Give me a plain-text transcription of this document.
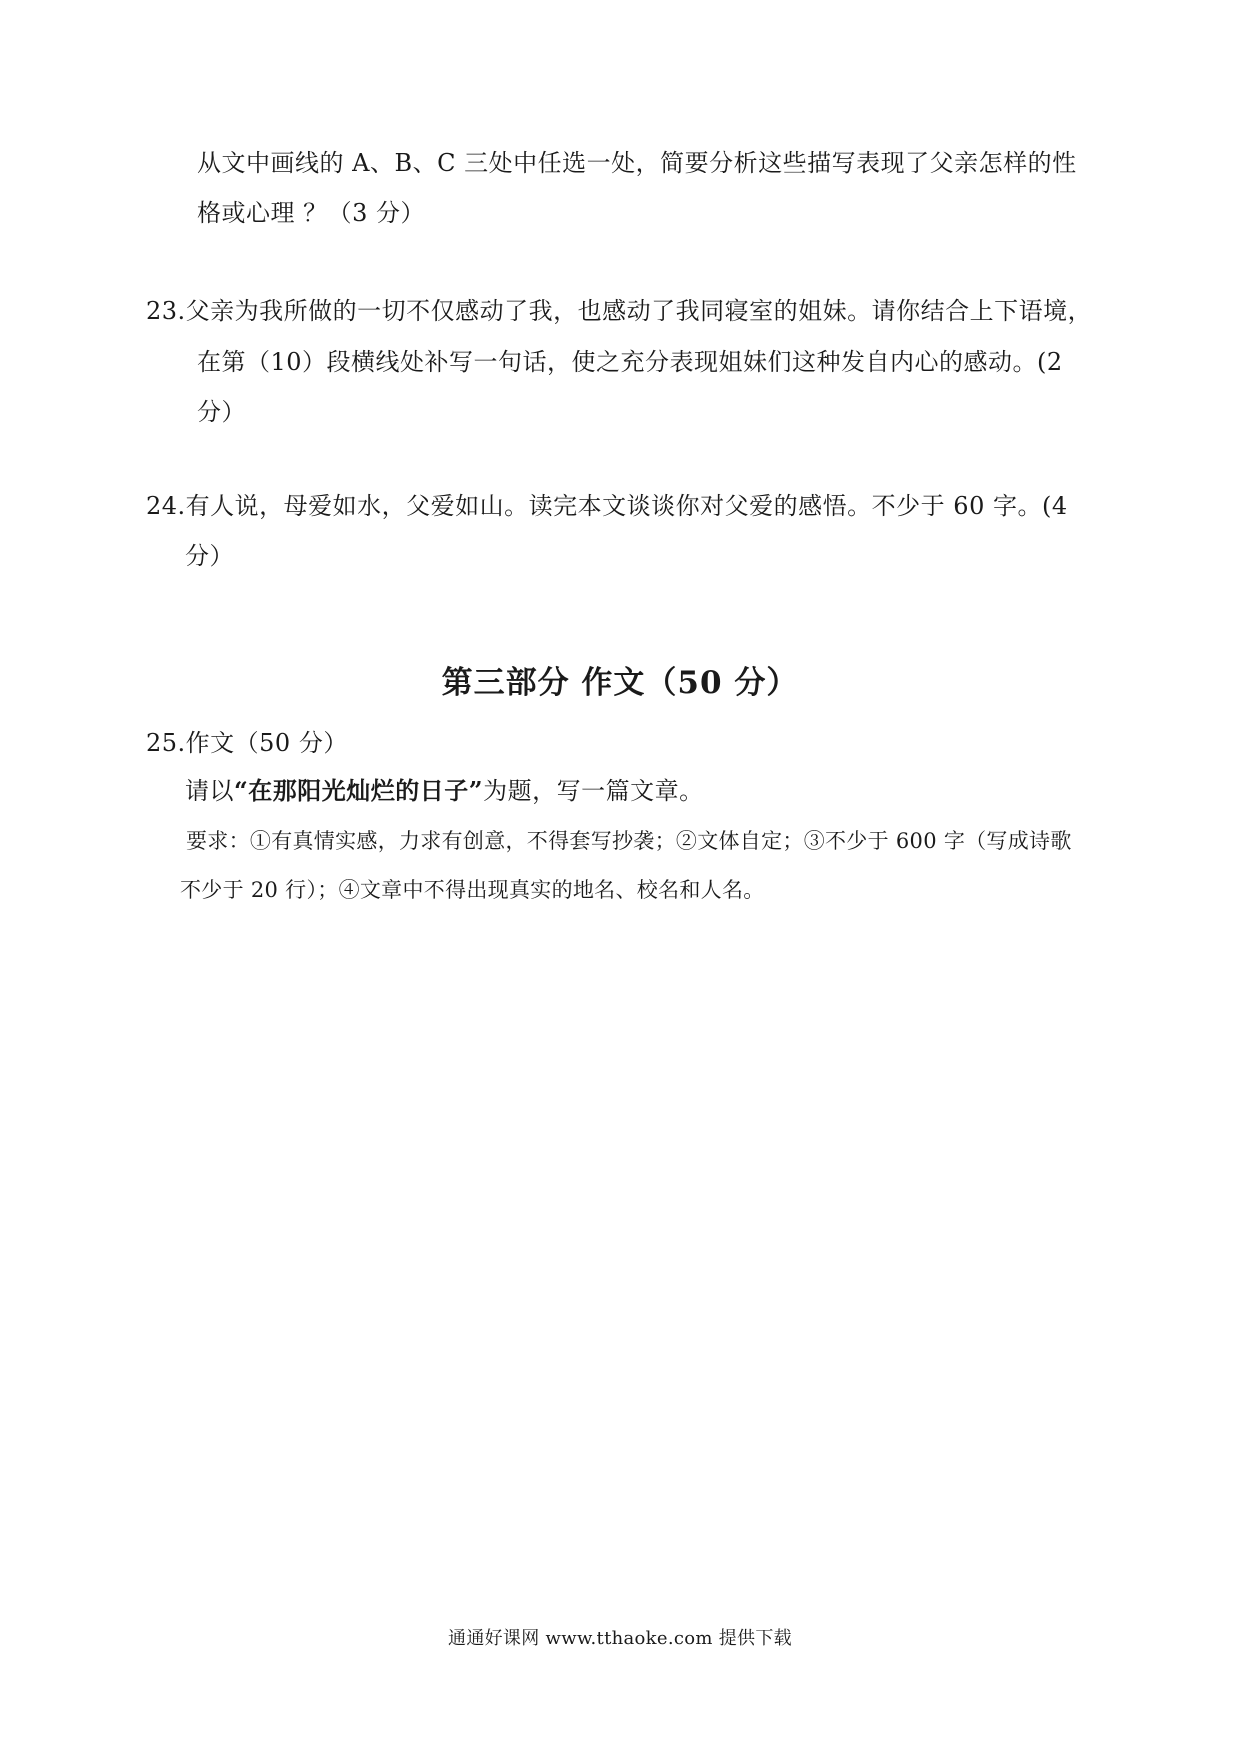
从文中画线的 A、B、C 三处中任选一处，简要分析这些描写表现了父亲怎样的性
格或心理 ？（3 分）
23.父亲为我所做的一切不仅感动了我，也感动了我同寝室的姐妹。请你结合上下语境，
在第（10）段横线处补写一句话，使之充分表现姐妹们这种发自内心的感动。(2
分）
24.有人说，母爱如水，父爱如山。读完本文谈谈你对父爱的感悟。不少于 60 字。(4
分）
第三部分 作文（50 分）
25.作文（50 分）
请以“在那阳光灿烂的日子”为题，写一篇文章。
要求：①有真情实感，力求有创意，不得套写抄袭；②文体自定；③不少于 600 字（写成诗歌
不少于 20 行）；④文章中不得出现真实的地名、校名和人名。
通通好课网 www.tthaoke.com 提供下载
